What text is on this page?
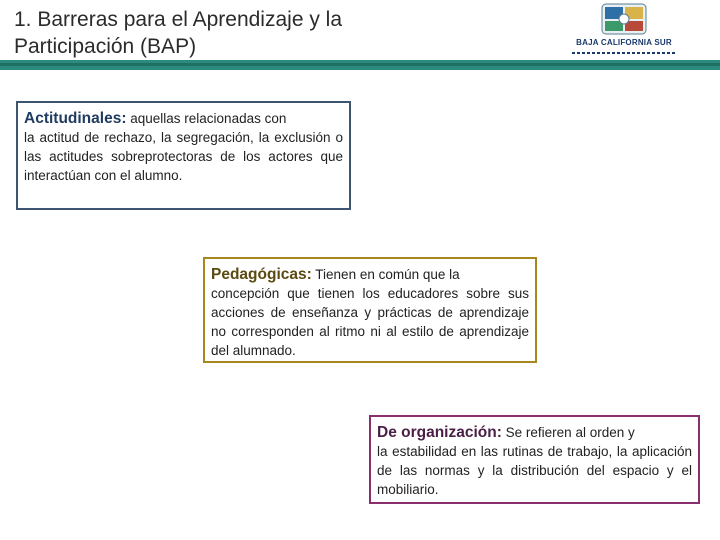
1. Barreras para el Aprendizaje y la
Participación (BAP)	BAJA CALIFORNIA SUR
Actitudinales: aquellas relacionadas con
la actitud de rechazo, la segregación, la exclusión o las actitudes sobreprotectoras de los actores que interactúan con el alumno.
Pedagógicas: Tienen en común que la
concepción que tienen los educadores sobre sus acciones de enseñanza y prácticas de aprendizaje no corresponden al ritmo ni al estilo de aprendizaje del alumnado.
De organización: Se refieren al orden y
la estabilidad en las rutinas de trabajo, la aplicación de las normas y la distribución del espacio y el mobiliario.
